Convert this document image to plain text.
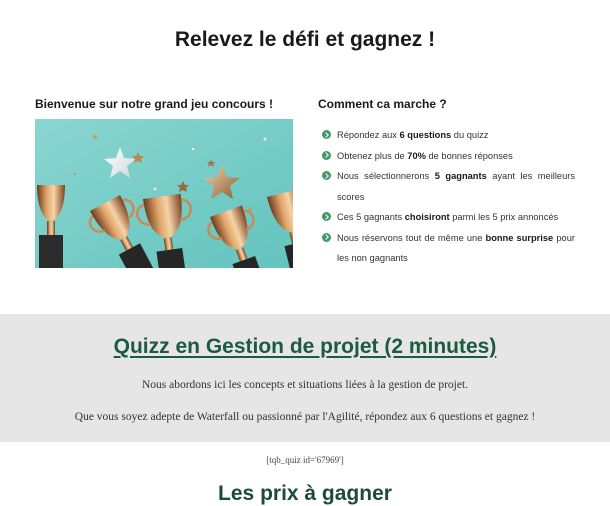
Relevez le défi et gagnez !
Bienvenue sur notre grand jeu concours !	Comment ca marche ?
Répondez aux 6 questions du quizz
Obtenez plus de 70% de bonnes réponses
Nous sélectionnerons 5 gagnants ayant les meilleurs scores
Ces 5 gagnants choisiront parmi les 5 prix annoncés
Nous réservons tout de même une bonne surprise pour les non gagnants
Quizz en Gestion de projet (2 minutes)

Nous abordons ici les concepts et situations liées à la gestion de projet.

Que vous soyez adepte de Waterfall ou passionné par l'Agilité, répondez aux 6 questions et gagnez !

[tqb_quiz id='67969']

Les prix à gagner
